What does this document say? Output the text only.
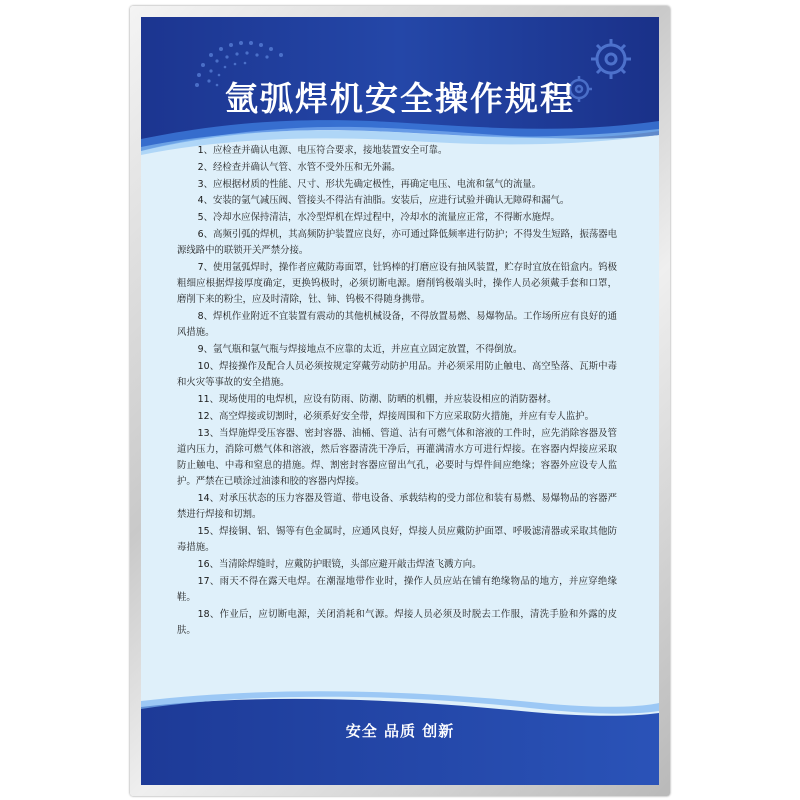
氩弧焊机安全操作规程
1、应检查并确认电源、电压符合要求，接地装置安全可靠。
2、经检查并确认气管、水管不受外压和无外漏。
3、应根据材质的性能、尺寸、形状先确定极性，再确定电压、电流和氩气的流量。
4、安装的氩气减压阀、管接头不得沾有油脂。安装后，应进行试验并确认无障碍和漏气。
5、冷却水应保持清洁，水冷型焊机在焊过程中，冷却水的流量应正常，不得断水施焊。
6、高频引弧的焊机，其高频防护装置应良好，亦可通过降低频率进行防护；不得发生短路，振荡器电源线路中的联锁开关严禁分接。
7、使用氩弧焊时，操作者应戴防毒面罩，钍钨棒的打磨应设有抽风装置，贮存时宜放在铅盒内。钨极粗细应根据焊接厚度确定，更换钨极时，必须切断电源。磨削钨极端头时，操作人员必须戴手套和口罩，磨削下来的粉尘，应及时清除，钍、铈、钨极不得随身携带。
8、焊机作业附近不宜装置有震动的其他机械设备，不得放置易燃、易爆物品。工作场所应有良好的通风措施。
9、氩气瓶和氩气瓶与焊接地点不应靠的太近，并应直立固定放置，不得倒放。
10、焊接操作及配合人员必须按规定穿戴劳动防护用品。并必须采用防止触电、高空坠落、瓦斯中毒和火灾等事故的安全措施。
11、现场使用的电焊机，应设有防雨、防潮、防晒的机棚，并应装设相应的消防器材。
12、高空焊接或切割时，必须系好安全带，焊接周围和下方应采取防火措施，并应有专人监护。
13、当焊施焊受压容器、密封容器、油桶、管道、沾有可燃气体和溶液的工件时，应先消除容器及管道内压力，消除可燃气体和溶液，然后容器清洗干净后，再灌满清水方可进行焊接。在容器内焊接应采取防止触电、中毒和窒息的措施。焊、割密封容器应留出气孔，必要时与焊件间应绝缘；容器外应设专人监护。严禁在已喷涂过油漆和胶的容器内焊接。
14、对承压状态的压力容器及管道、带电设备、承载结构的受力部位和装有易燃、易爆物品的容器严禁进行焊接和切割。
15、焊接铜、铝、锡等有色金属时，应通风良好，焊接人员应戴防护面罩、呼吸滤清器或采取其他防毒措施。
16、当清除焊缝时，应戴防护眼镜，头部应避开敲击焊渣飞溅方向。
17、雨天不得在露天电焊。在潮湿地带作业时，操作人员应站在铺有绝缘物品的地方，并应穿绝缘鞋。
18、作业后，应切断电源，关闭消耗和气源。焊接人员必须及时脱去工作服，清洗手脸和外露的皮肤。
安全 品质 创新
